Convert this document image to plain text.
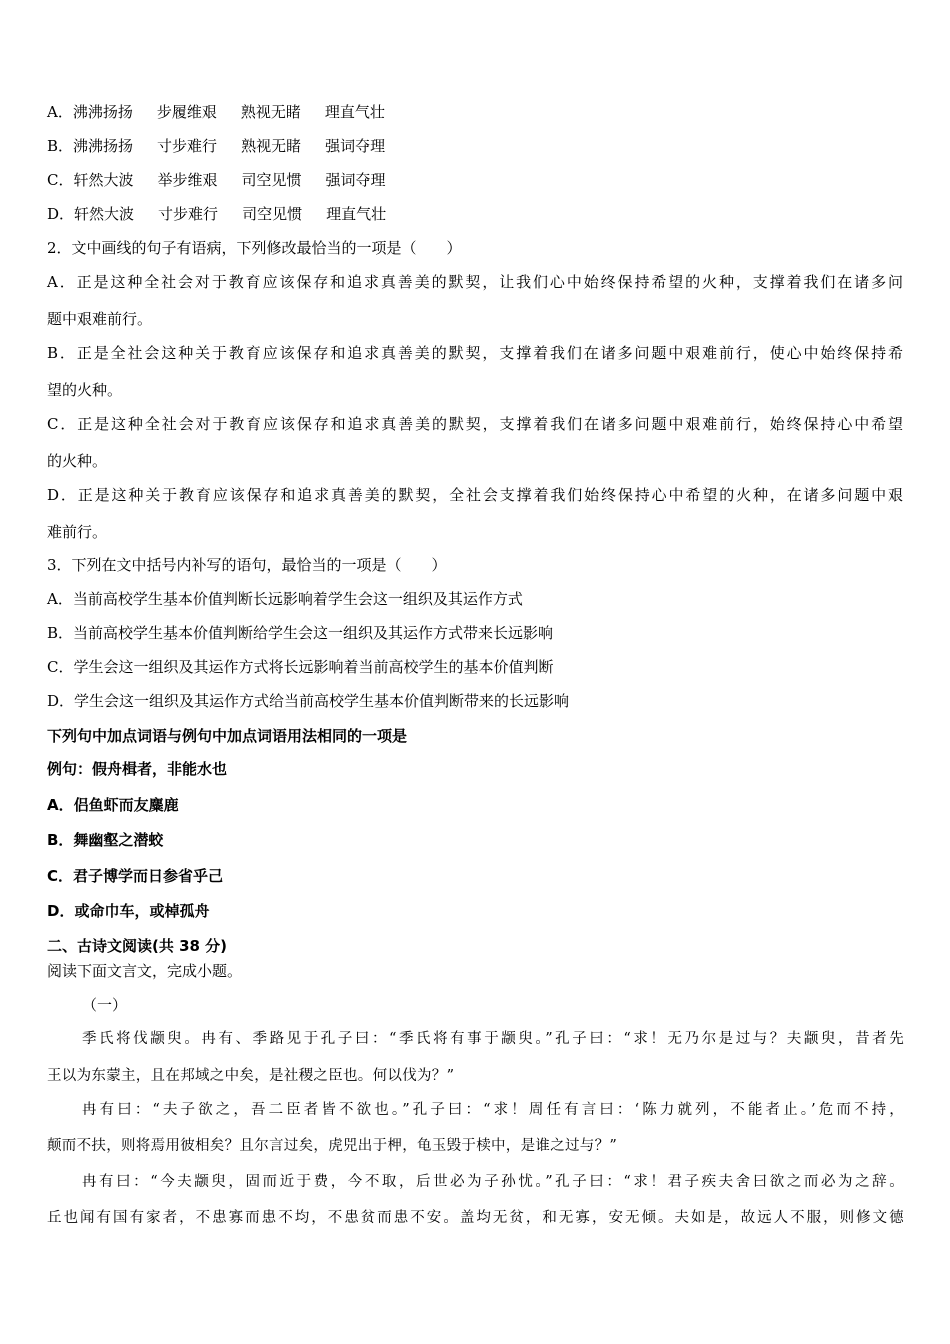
A．沸沸扬扬 步履维艰 熟视无睹 理直气壮
B．沸沸扬扬 寸步难行 熟视无睹 强词夺理
C．轩然大波 举步维艰 司空见惯 强词夺理
D．轩然大波 寸步难行 司空见惯 理直气壮
2．文中画线的句子有语病，下列修改最恰当的一项是（　　）
A．正是这种全社会对于教育应该保存和追求真善美的默契，让我们心中始终保持希望的火种，支撑着我们在诸多问
题中艰难前行。
B．正是全社会这种关于教育应该保存和追求真善美的默契，支撑着我们在诸多问题中艰难前行，使心中始终保持希
望的火种。
C．正是这种全社会对于教育应该保存和追求真善美的默契，支撑着我们在诸多问题中艰难前行，始终保持心中希望
的火种。
D．正是这种关于教育应该保存和追求真善美的默契，全社会支撑着我们始终保持心中希望的火种，在诸多问题中艰
难前行。
3．下列在文中括号内补写的语句，最恰当的一项是（　　）
A．当前高校学生基本价值判断长远影响着学生会这一组织及其运作方式
B．当前高校学生基本价值判断给学生会这一组织及其运作方式带来长远影响
C．学生会这一组织及其运作方式将长远影响着当前高校学生的基本价值判断
D．学生会这一组织及其运作方式给当前高校学生基本价值判断带来的长远影响
下列句中加点词语与例句中加点词语用法相同的一项是
例句：假舟楫者，非能水也
A．侣鱼虾而友麋鹿
B．舞幽壑之潜蛟
C．君子博学而日参省乎己
D．或命巾车，或棹孤舟
二、古诗文阅读(共 38 分)
阅读下面文言文，完成小题。
（一）
季氏将伐颛臾。冉有、季路见于孔子曰：“季氏将有事于颛臾。”孔子曰：“求！无乃尔是过与？夫颛臾，昔者先
王以为东蒙主，且在邦域之中矣，是社稷之臣也。何以伐为？”
冉有曰：“夫子欲之，吾二臣者皆不欲也。”孔子曰：“求！周任有言曰：‘陈力就列，不能者止。’危而不持，
颠而不扶，则将焉用彼相矣？且尔言过矣，虎兕出于柙，龟玉毁于椟中，是谁之过与？”
冉有曰：“今夫颛臾，固而近于费，今不取，后世必为子孙忧。”孔子曰：“求！君子疾夫舍曰欲之而必为之辞。
丘也闻有国有家者，不患寡而患不均，不患贫而患不安。盖均无贫，和无寡，安无倾。夫如是，故远人不服，则修文德
